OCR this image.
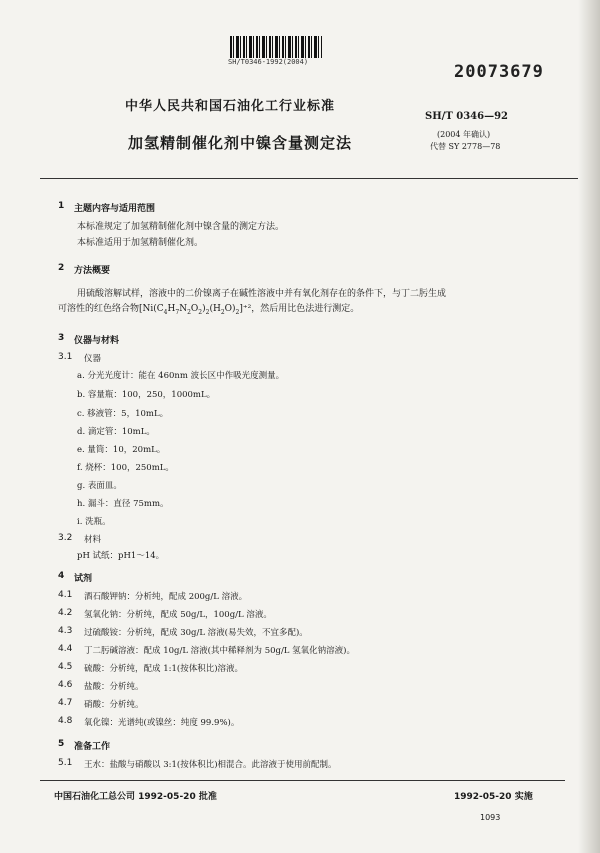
SH/T0346-1992(2004)	20073679
中华人民共和国石油化工行业标准
加氢精制催化剂中镍含量测定法
SH/T 0346—92
(2004 年确认)
代替 SY 2778—78
1 主题内容与适用范围
本标准规定了加氢精制催化剂中镍含量的测定方法。
本标准适用于加氢精制催化剂。
2 方法概要
用硫酸溶解试样，溶液中的二价镍离子在碱性溶液中并有氧化剂存在的条件下，与丁二肟生成
可溶性的红色络合物$[Ni(C_4H_7N_2O_2)_2(H_2O)_2]^{+2}$，然后用比色法进行测定。
3 仪器与材料
3.1 仪器
a. 分光光度计：能在 460nm 波长区中作吸光度测量。
b. 容量瓶：100，250，1000mL。
c. 移液管：5，10mL。
d. 滴定管：10mL。
e. 量筒：10，20mL。
f. 烧杯：100，250mL。
g. 表面皿。
h. 漏斗：直径 75mm。
i. 洗瓶。
3.2 材料
pH 试纸：pH1～14。
4 试剂
4.1 酒石酸钾钠：分析纯，配成 200g/L 溶液。
4.2 氢氧化钠：分析纯，配成 50g/L，100g/L 溶液。
4.3 过硫酸铵：分析纯，配成 30g/L 溶液(易失效，不宜多配)。
4.4 丁二肟碱溶液：配成 10g/L 溶液(其中稀释剂为 50g/L 氢氧化钠溶液)。
4.5 硫酸：分析纯，配成 1:1(按体积比)溶液。
4.6 盐酸：分析纯。
4.7 硝酸：分析纯。
4.8 氧化镍：光谱纯(或镍丝：纯度 99.9%)。
5 准备工作
5.1 王水：盐酸与硝酸以 3:1(按体积比)相混合。此溶液于使用前配制。
中国石油化工总公司 1992-05-20 批准	1992-05-20 实施
1093
